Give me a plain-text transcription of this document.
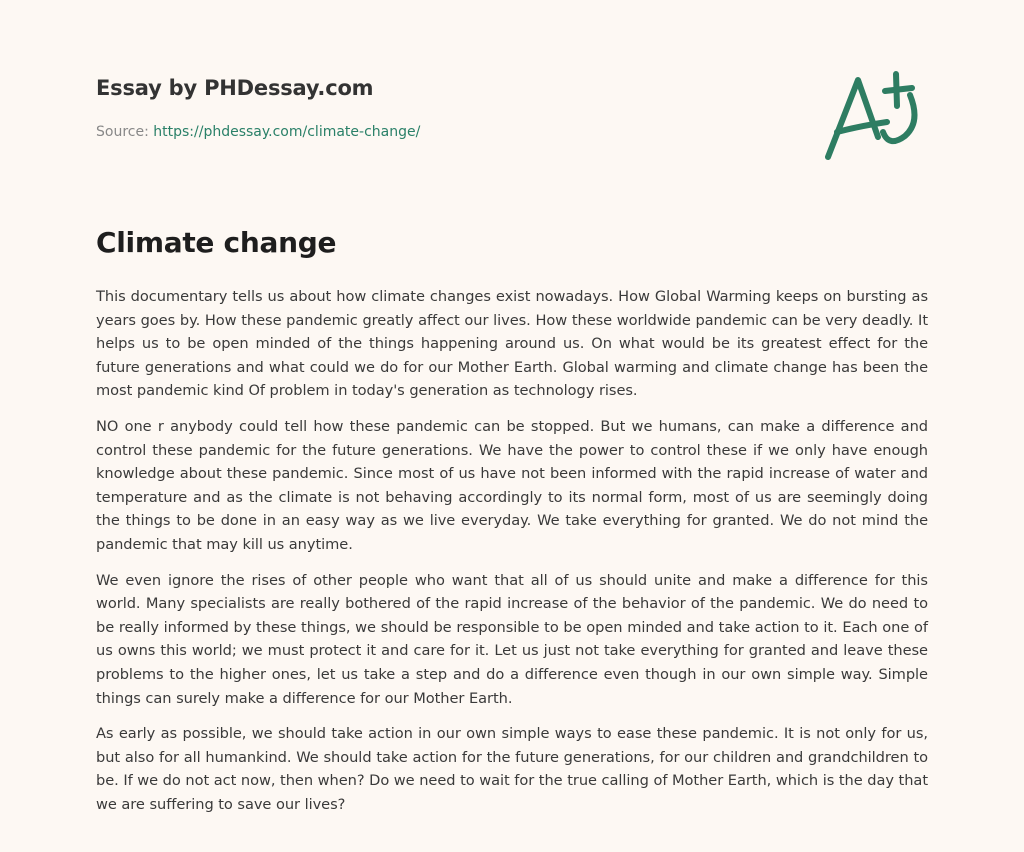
Essay by PHDessay.com
Source: https://phdessay.com/climate-change/
Climate change

This documentary tells us about how climate changes exist nowadays. How Global Warming keeps on bursting as years goes by. How these pandemic greatly affect our lives. How these worldwide pandemic can be very deadly. It helps us to be open minded of the things happening around us. On what would be its greatest effect for the future generations and what could we do for our Mother Earth. Global warming and climate change has been the most pandemic kind Of problem in today's generation as technology rises.

NO one r anybody could tell how these pandemic can be stopped. But we humans, can make a difference and control these pandemic for the future generations. We have the power to control these if we only have enough knowledge about these pandemic. Since most of us have not been informed with the rapid increase of water and temperature and as the climate is not behaving accordingly to its normal form, most of us are seemingly doing the things to be done in an easy way as we live everyday. We take everything for granted. We do not mind the pandemic that may kill us anytime.

We even ignore the rises of other people who want that all of us should unite and make a difference for this world. Many specialists are really bothered of the rapid increase of the behavior of the pandemic. We do need to be really informed by these things, we should be responsible to be open minded and take action to it. Each one of us owns this world; we must protect it and care for it. Let us just not take everything for granted and leave these problems to the higher ones, let us take a step and do a difference even though in our own simple way. Simple things can surely make a difference for our Mother Earth.

As early as possible, we should take action in our own simple ways to ease these pandemic. It is not only for us, but also for all humankind. We should take action for the future generations, for our children and grandchildren to be. If we do not act now, then when? Do we need to wait for the true calling of Mother Earth, which is the day that we are suffering to save our lives?
